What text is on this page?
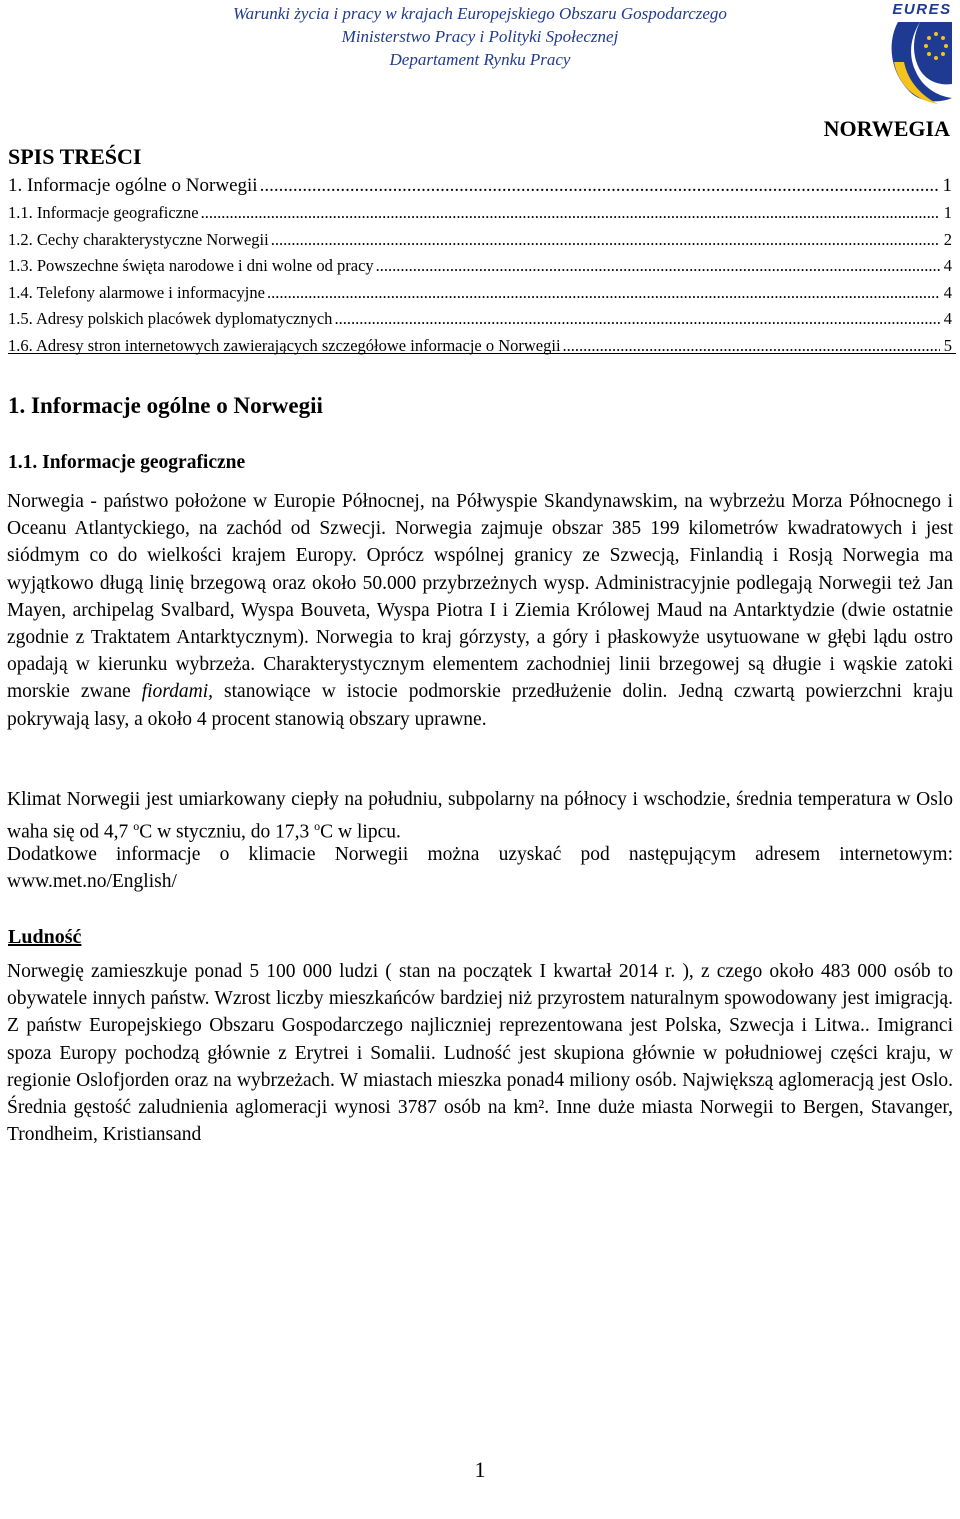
Warunki życia i pracy w krajach Europejskiego Obszaru Gospodarczego
Ministerstwo Pracy i Polityki Społecznej
Departament Rynku Pracy
EURES
NORWEGIA
SPIS TREŚCI
1. Informacje ogólne o Norwegii .....	1
1.1. Informacje geograficzne .....	1
1.2. Cechy charakterystyczne Norwegii .....	2
1.3. Powszechne święta narodowe i dni wolne od pracy .....	4
1.4. Telefony alarmowe i informacyjne .....	4
1.5. Adresy polskich placówek dyplomatycznych .....	4
1.6. Adresy stron internetowych zawierających szczegółowe informacje o Norwegii .....	5
1. Informacje ogólne o Norwegii
1.1. Informacje geograficzne

Norwegia - państwo położone w Europie Północnej, na Półwyspie Skandynawskim, na wybrzeżu Morza Północnego i Oceanu Atlantyckiego, na zachód od Szwecji. Norwegia zajmuje obszar 385 199 kilometrów kwadratowych i jest siódmym co do wielkości krajem Europy. Oprócz wspólnej granicy ze Szwecją, Finlandią i Rosją Norwegia ma wyjątkowo długą linię brzegową oraz około 50.000 przybrzeżnych wysp. Administracyjnie podlegają Norwegii też Jan Mayen, archipelag Svalbard, Wyspa Bouveta, Wyspa Piotra I i Ziemia Królowej Maud na Antarktydzie (dwie ostatnie zgodnie z Traktatem Antarktycznym). Norwegia to kraj górzysty, a góry i płaskowyże usytuowane w głębi lądu ostro opadają w kierunku wybrzeża. Charakterystycznym elementem zachodniej linii brzegowej są długie i wąskie zatoki morskie zwane fiordami, stanowiące w istocie podmorskie przedłużenie dolin. Jedną czwartą powierzchni kraju pokrywają lasy, a około 4 procent stanowią obszary uprawne.

Klimat Norwegii jest umiarkowany ciepły na południu, subpolarny na północy i wschodzie, średnia temperatura w Oslo waha się od 4,7 $^o$C w styczniu, do 17,3 $^o$C w lipcu.

Dodatkowe informacje o klimacie Norwegii można uzyskać pod następującym adresem internetowym: www.met.no/English/

Ludność

Norwegię zamieszkuje ponad 5 100 000 ludzi ( stan na początek I kwartał 2014 r. ), z czego około 483 000 osób to obywatele innych państw. Wzrost liczby mieszkańców bardziej niż przyrostem naturalnym spowodowany jest imigracją. Z państw Europejskiego Obszaru Gospodarczego najliczniej reprezentowana jest Polska, Szwecja i Litwa.. Imigranci spoza Europy pochodzą głównie z Erytrei i Somalii. Ludność jest skupiona głównie w południowej części kraju, w regionie Oslofjorden oraz na wybrzeżach. W miastach mieszka ponad4 miliony osób. Największą aglomeracją jest Oslo. Średnia gęstość zaludnienia aglomeracji wynosi 3787 osób na km². Inne duże miasta Norwegii to Bergen, Stavanger, Trondheim, Kristiansand

1
